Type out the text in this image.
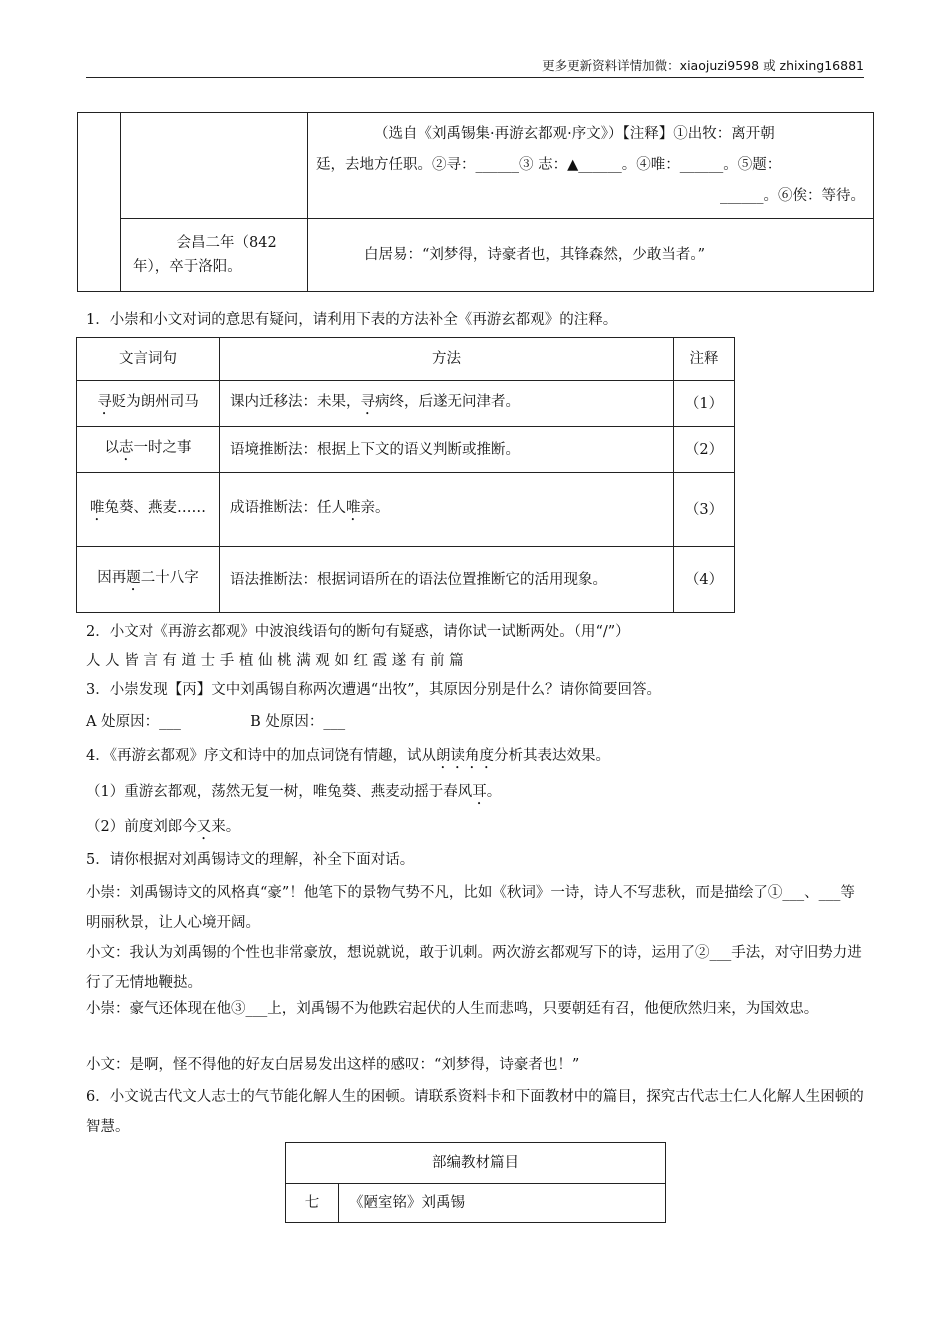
更多更新资料详情加微：xiaojuzi9598 或 zhixing16881

		（选自《刘禹锡集·再游玄都观·序文》）【注释】①出牧：离开朝
廷，去地方任职。②寻：______③ 志：▲______。④唯：______。⑤题：
______。⑥俟：等待。

	会昌二年（842年），卒于洛阳。	白居易：“刘梦得，诗豪者也，其锋森然，少敢当者。”
1．小崇和小文对词的意思有疑问，请利用下表的方法补全《再游玄都观》的注释。
文言词句	方法	注释
寻贬为朗州司马	课内迁移法：未果，寻病终，后遂无问津者。	（1）
以志一时之事	语境推断法：根据上下文的语义判断或推断。	（2）
唯兔葵、燕麦……	成语推断法：任人唯亲。	（3）
因再题二十八字	语法推断法：根据词语所在的语法位置推断它的活用现象。	（4）
2．小文对《再游玄都观》中波浪线语句的断句有疑惑，请你试一试断两处。（用“/”）
人 人 皆 言 有 道 士 手 植 仙 桃 满 观 如 红 霞 遂 有 前 篇
3．小崇发现【丙】文中刘禹锡自称两次遭遇“出牧”，其原因分别是什么？请你简要回答。
A 处原因：___	B 处原因：___
4．《再游玄都观》序文和诗中的加点词饶有情趣，试从朗读角度分析其表达效果。
（1）重游玄都观，荡然无复一树，唯兔葵、燕麦动摇于春风耳。
（2）前度刘郎今又来。
5．请你根据对刘禹锡诗文的理解，补全下面对话。
小崇：刘禹锡诗文的风格真“豪”！他笔下的景物气势不凡，比如《秋词》一诗，诗人不写悲秋，而是描绘了①___、___等明丽秋景，让人心境开阔。
小文：我认为刘禹锡的个性也非常豪放，想说就说，敢于讥刺。两次游玄都观写下的诗，运用了②___手法，对守旧势力进行了无情地鞭挞。
小崇：豪气还体现在他③___上，刘禹锡不为他跌宕起伏的人生而悲鸣，只要朝廷有召，他便欣然归来，为国效忠。
小文：是啊，怪不得他的好友白居易发出这样的感叹：“刘梦得，诗豪者也！”
6．小文说古代文人志士的气节能化解人生的困顿。请联系资料卡和下面教材中的篇目，探究古代志士仁人化解人生困顿的智慧。
部编教材篇目
七	《陋室铭》刘禹锡
